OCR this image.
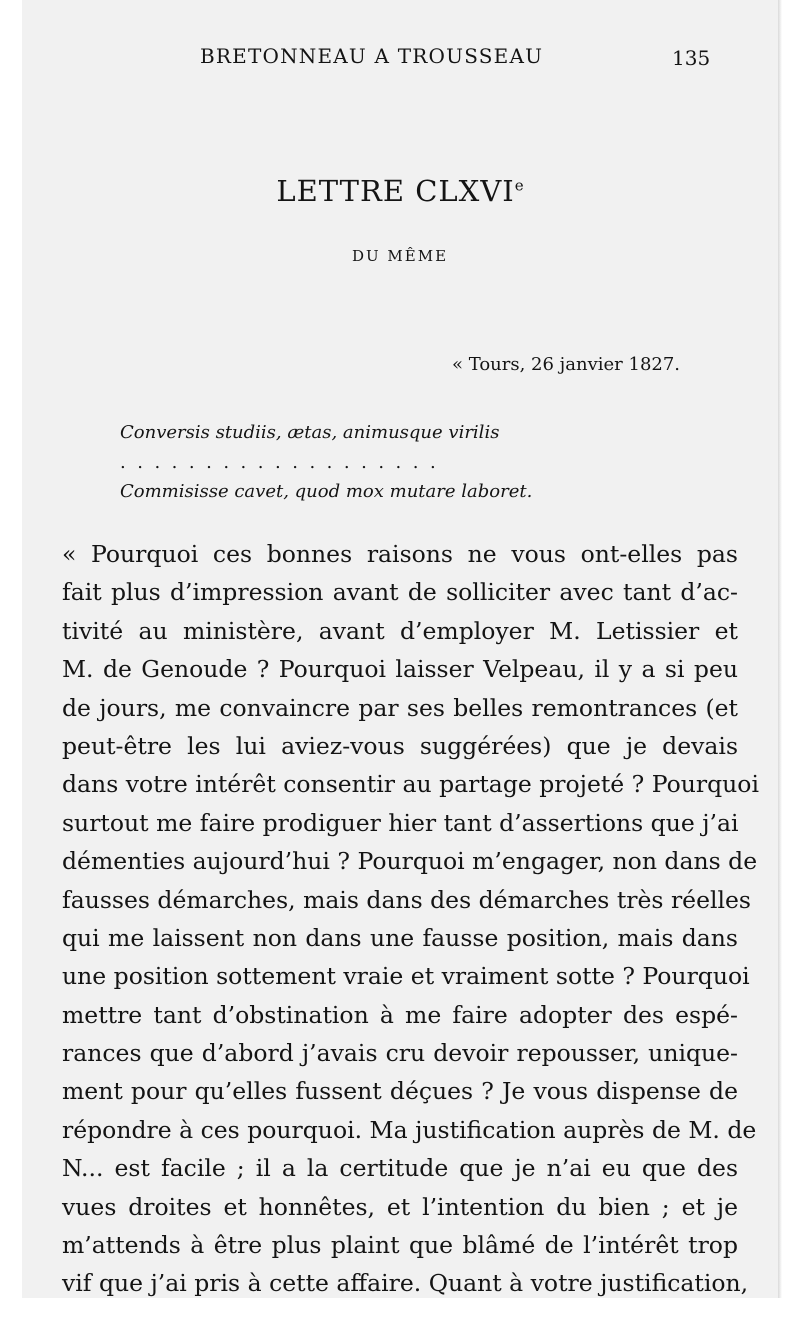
BRETONNEAU A TROUSSEAU	135
LETTRE CLXVIe
DU MÊME
« Tours, 26 janvier 1827.
Conversis studiis, ætas, animusque virilis
...................
Commisisse cavet, quod mox mutare laboret.
« Pourquoi ces bonnes raisons ne vous ont-elles pas
fait plus d’impression avant de solliciter avec tant d’ac-
tivité au ministère, avant d’employer M. Letissier et
M. de Genoude ? Pourquoi laisser Velpeau, il y a si peu
de jours, me convaincre par ses belles remontrances (et
peut-être les lui aviez-vous suggérées) que je devais
dans votre intérêt consentir au partage projeté ? Pourquoi
surtout me faire prodiguer hier tant d’assertions que j’ai
démenties aujourd’hui ? Pourquoi m’engager, non dans de
fausses démarches, mais dans des démarches très réelles
qui me laissent non dans une fausse position, mais dans
une position sottement vraie et vraiment sotte ? Pourquoi
mettre tant d’obstination à me faire adopter des espé-
rances que d’abord j’avais cru devoir repousser, unique-
ment pour qu’elles fussent déçues ? Je vous dispense de
répondre à ces pourquoi. Ma justification auprès de M. de
N... est facile ; il a la certitude que je n’ai eu que des
vues droites et honnêtes, et l’intention du bien ; et je
m’attends à être plus plaint que blâmé de l’intérêt trop
vif que j’ai pris à cette affaire. Quant à votre justification,
